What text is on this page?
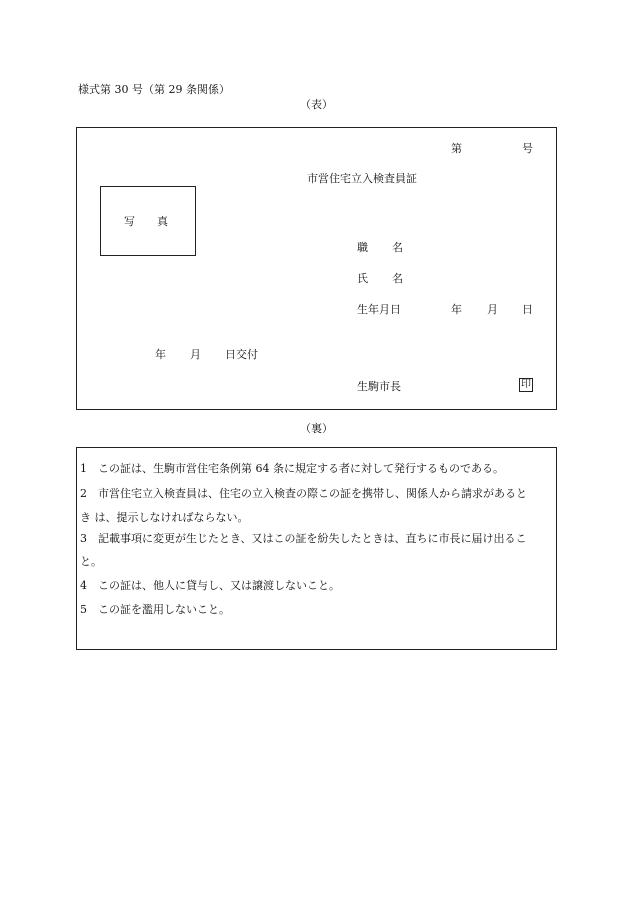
様式第 30 号（第 29 条関係）
（表）
第	号
市営住宅立入検査員証
写 真
職 名
氏 名
生年月日	年 月 日
年 月 日交付
生駒市長	印
（裏）
1　この証は、生駒市営住宅条例第 64 条に規定する者に対して発行するものである。
2　市営住宅立入検査員は、住宅の立入検査の際この証を携帯し、関係人から請求があると
き は、提示しなければならない。
3　記載事項に変更が生じたとき、又はこの証を紛失したときは、直ちに市長に届け出るこ
と。
4　この証は、他人に貸与し、又は譲渡しないこと。
5　この証を濫用しないこと。
